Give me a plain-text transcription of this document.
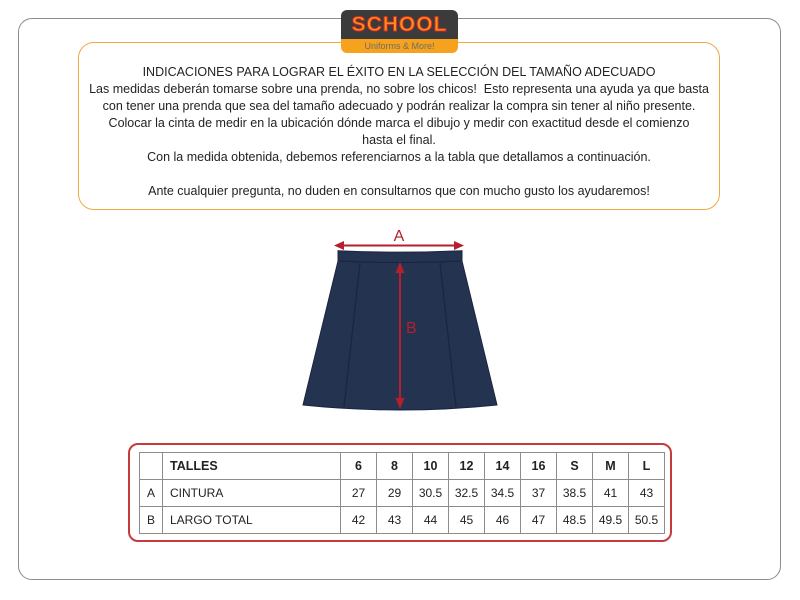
SCHOOL
Uniforms & More!
INDICACIONES PARA LOGRAR EL ÉXITO EN LA SELECCIÓN DEL TAMAÑO ADECUADO
Las medidas deberán tomarse sobre una prenda, no sobre los chicos!  Esto representa una ayuda ya que basta
con tener una prenda que sea del tamaño adecuado y podrán realizar la compra sin tener al niño presente.
Colocar la cinta de medir en la ubicación dónde marca el dibujo y medir con exactitud desde el comienzo
hasta el final.
Con la medida obtenida, debemos referenciarnos a la tabla que detallamos a continuación.
Ante cualquier pregunta, no duden en consultarnos que con mucho gusto los ayudaremos!
A
B
	TALLES	6	8	10	12	14	16	S	M	L
A	CINTURA	27	29	30.5	32.5	34.5	37	38.5	41	43
B	LARGO TOTAL	42	43	44	45	46	47	48.5	49.5	50.5
